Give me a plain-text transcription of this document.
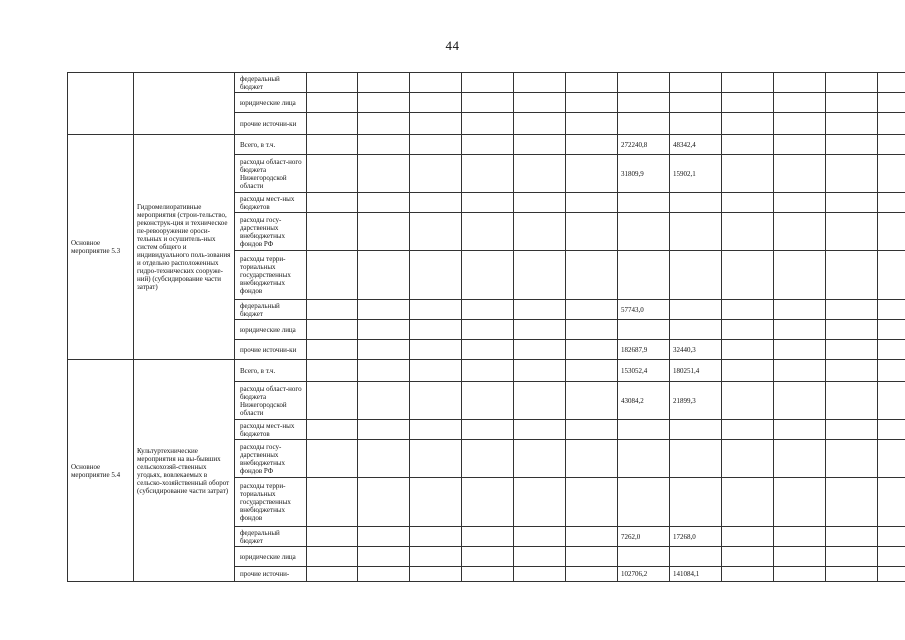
44
		федеральный бюджет												
		юридические лица												
		прочие источни-ки												
Основное мероприятие 5.3	Гидромелиоративные мероприятия (строи-тельство, реконструк-ция и техническое пе-ревооружение ороси-тельных и осушитель-ных систем общего и индивидуального поль-зования и отдельно расположенных гидро-технических сооруже-ний) (субсидирование части затрат)	Всего, в т.ч.							272240,8	48342,4				
		расходы област-ного бюджета Нижегородской области							31809,9	15902,1				
		расходы мест-ных бюджетов												
		расходы госу-дарственных внебюджетных фондов РФ												
		расходы терри-ториальных государственных внебюджетных фондов												
		федеральный бюджет							57743,0					
		юридические лица												
		прочие источни-ки							182687,9	32440,3				
Основное мероприятие 5.4	Культуртехнические мероприятия на вы-бывших сельскохозяй-ственных угодьях, вовлекаемых в сельско-хозяйственный оборот (субсидирование части затрат)	Всего, в т.ч.							153052,4	180251,4				
		расходы област-ного бюджета Нижегородской области							43084,2	21899,3				
		расходы мест-ных бюджетов												
		расходы госу-дарственных внебюджетных фондов РФ												
		расходы терри-ториальных государственных внебюджетных фондов												
		федеральный бюджет							7262,0	17268,0				
		юридические лица												
		прочие источни-							102706,2	141084,1				
